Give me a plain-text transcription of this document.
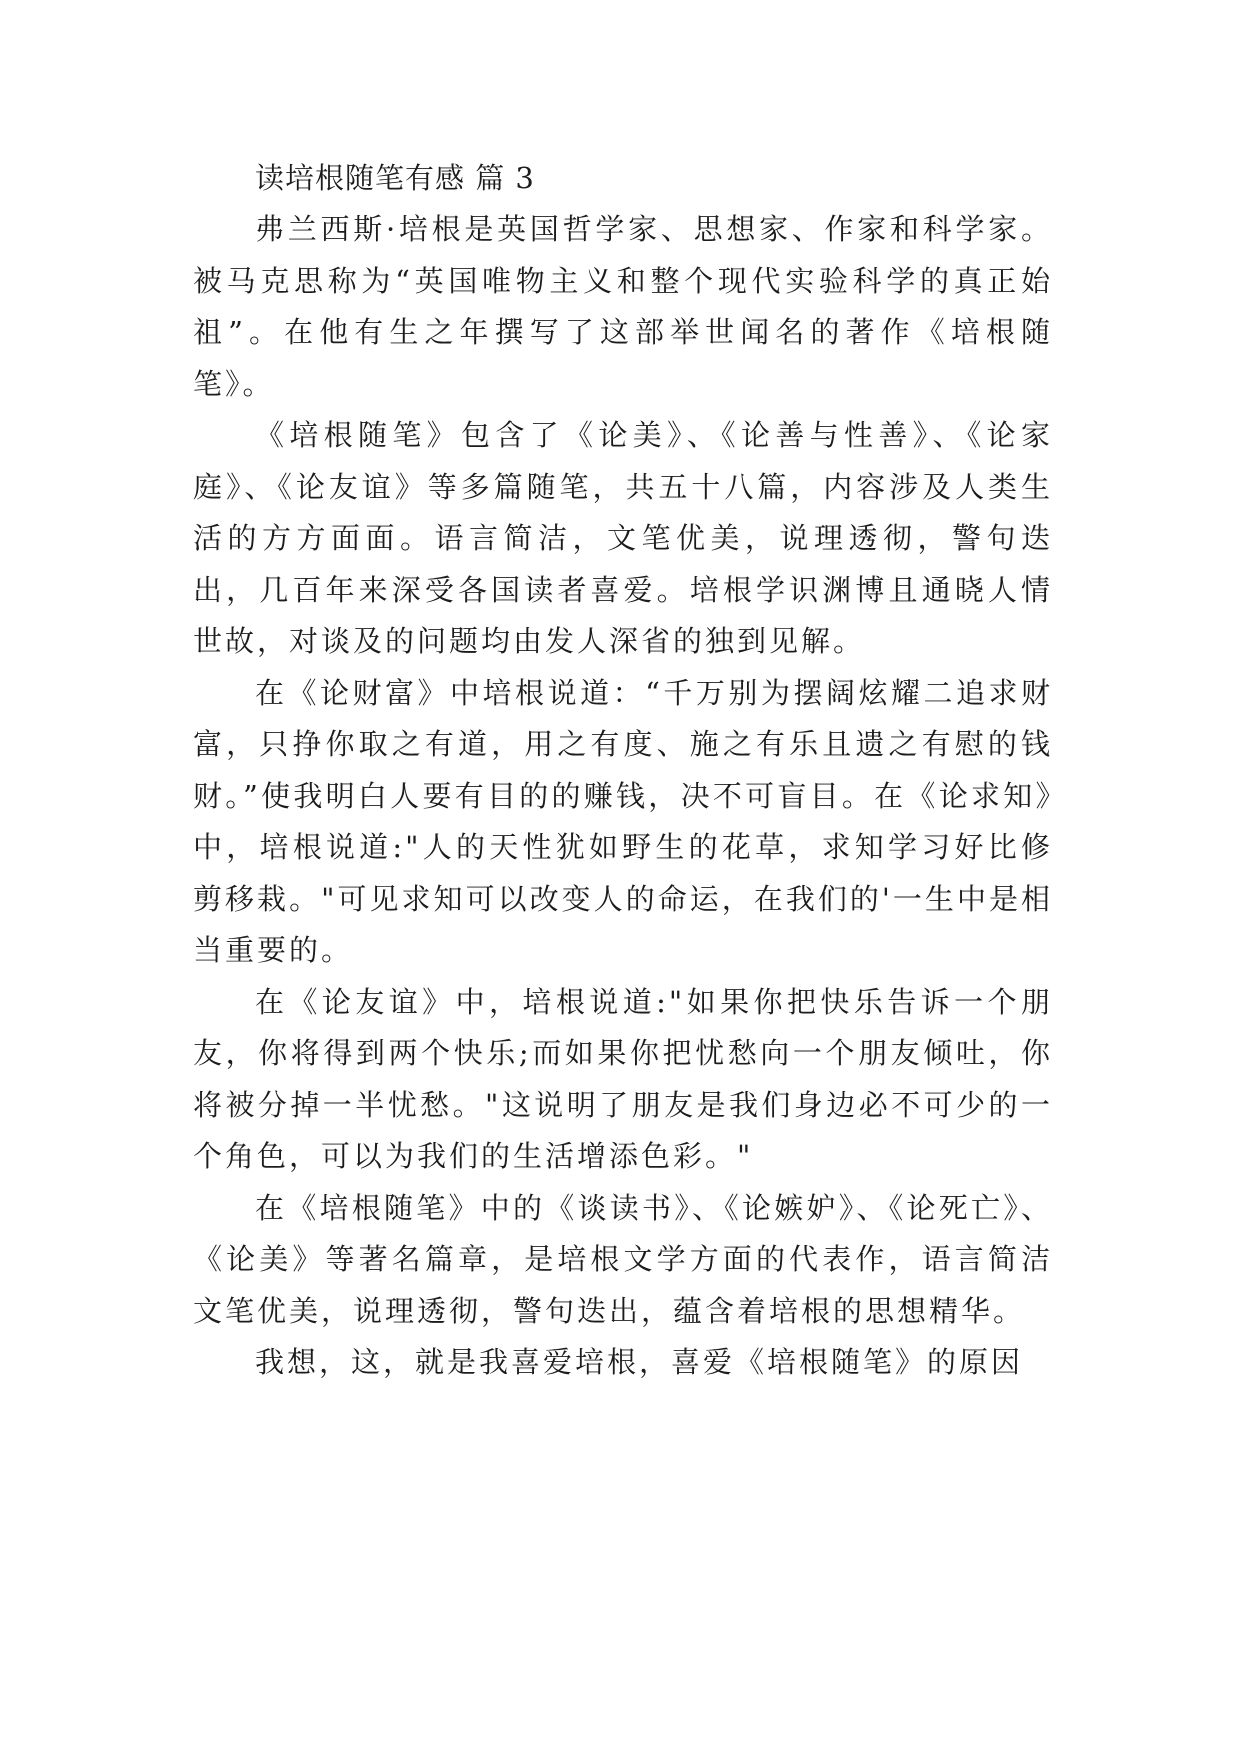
读培根随笔有感 篇 3

弗兰西斯·培根是英国哲学家、思想家、作家和科学家。被马克思称为“英国唯物主义和整个现代实验科学的真正始祖”。在他有生之年撰写了这部举世闻名的著作《培根随笔》。

《培根随笔》包含了《论美》、《论善与性善》、《论家庭》、《论友谊》等多篇随笔，共五十八篇，内容涉及人类生活的方方面面。语言简洁，文笔优美，说理透彻，警句迭出，几百年来深受各国读者喜爱。培根学识渊博且通晓人情世故，对谈及的问题均由发人深省的独到见解。

在《论财富》中培根说道：“千万别为摆阔炫耀二追求财富，只挣你取之有道，用之有度、施之有乐且遗之有慰的钱财。”使我明白人要有目的的赚钱，决不可盲目。在《论求知》中，培根说道:"人的天性犹如野生的花草，求知学习好比修剪移栽。"可见求知可以改变人的命运，在我们的'一生中是相当重要的。

在《论友谊》中，培根说道:"如果你把快乐告诉一个朋友，你将得到两个快乐;而如果你把忧愁向一个朋友倾吐，你将被分掉一半忧愁。"这说明了朋友是我们身边必不可少的一个角色，可以为我们的生活增添色彩。"

在《培根随笔》中的《谈读书》、《论嫉妒》、《论死亡》、《论美》等著名篇章，是培根文学方面的代表作，语言简洁文笔优美，说理透彻，警句迭出，蕴含着培根的思想精华。

我想，这，就是我喜爱培根，喜爱《培根随笔》的原因
